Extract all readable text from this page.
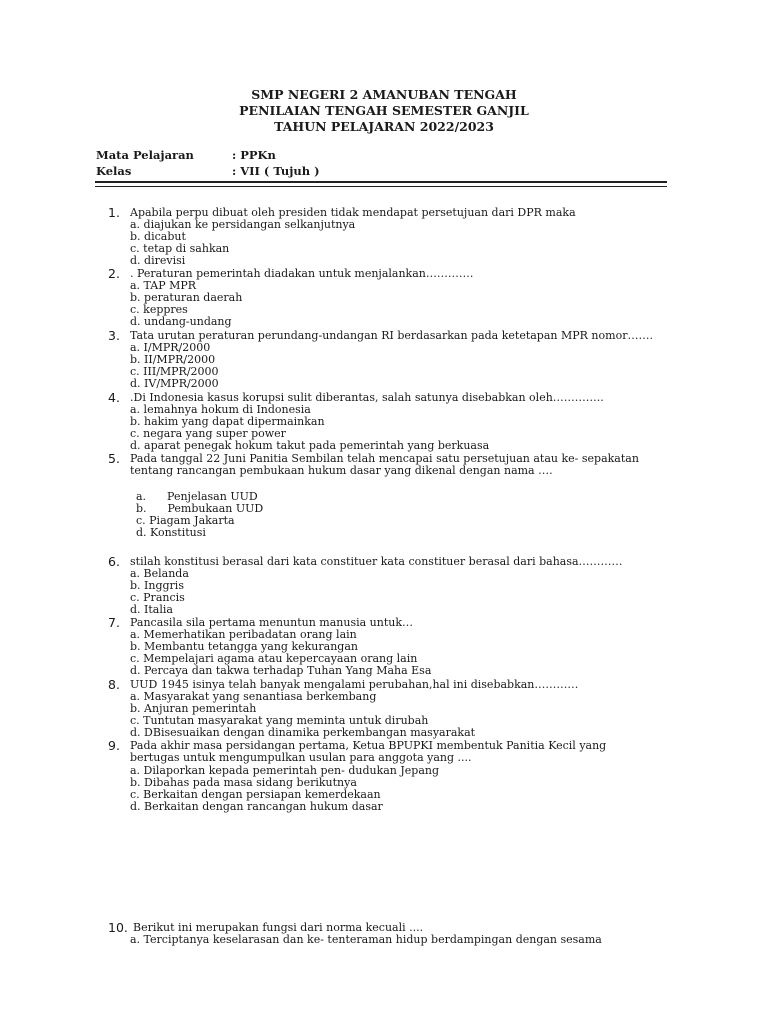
SMP NEGERI 2 AMANUBAN TENGAH
PENILAIAN TENGAH SEMESTER GANJIL
TAHUN PELAJARAN 2022/2023
Mata Pelajaran	: PPKn
Kelas	: VII ( Tujuh )
1. Apabila perpu dibuat oleh presiden tidak mendapat persetujuan dari DPR maka
a. diajukan ke persidangan selkanjutnya
b. dicabut
c. tetap di sahkan
d. direvisi
2. . Peraturan pemerintah diadakan untuk menjalankan………….
a. TAP MPR
b. peraturan daerah
c. keppres
d. undang-undang
3. Tata urutan peraturan perundang-undangan RI berdasarkan pada ketetapan MPR nomor…….
a. I/MPR/2000
b. II/MPR/2000
c. III/MPR/2000
d. IV/MPR/2000
4. .Di Indonesia kasus korupsi sulit diberantas, salah satunya disebabkan oleh…………..
a. lemahnya hokum di Indonesia
b. hakim yang dapat dipermainkan
c. negara yang super power
d. aparat penegak hokum takut pada pemerintah yang berkuasa
5. Pada tanggal 22 Juni Panitia Sembilan telah mencapai satu persetujuan atau ke- sepakatan tentang rancangan pembukaan hukum dasar yang dikenal dengan nama ….
a.      Penjelasan UUD
b.      Pembukaan UUD
c. Piagam Jakarta
d. Konstitusi
6. stilah konstitusi berasal dari kata constituer kata constituer berasal dari bahasa…………
a. Belanda
b. Inggris
c. Prancis
d. Italia
7. Pancasila sila pertama menuntun manusia untuk…
a. Memerhatikan peribadatan orang lain
b. Membantu tetangga yang kekurangan
c. Mempelajari agama atau kepercayaan orang lain
d. Percaya dan takwa terhadap Tuhan Yang Maha Esa
8. UUD 1945 isinya telah banyak mengalami perubahan,hal ini disebabkan…………
a. Masyarakat yang senantiasa berkembang
b. Anjuran pemerintah
c. Tuntutan masyarakat yang meminta untuk dirubah
d. DBisesuaikan dengan dinamika perkembangan masyarakat
9. Pada akhir masa persidangan pertama, Ketua BPUPKI membentuk Panitia Kecil yang bertugas untuk mengumpulkan usulan para anggota yang ....
a. Dilaporkan kepada pemerintah pen- dudukan Jepang
b. Dibahas pada masa sidang berikutnya
c. Berkaitan dengan persiapan kemerdekaan
d. Berkaitan dengan rancangan hukum dasar
10. Berikut ini merupakan fungsi dari norma kecuali ....
a. Terciptanya keselarasan dan ke- tenteraman hidup berdampingan dengan sesama
